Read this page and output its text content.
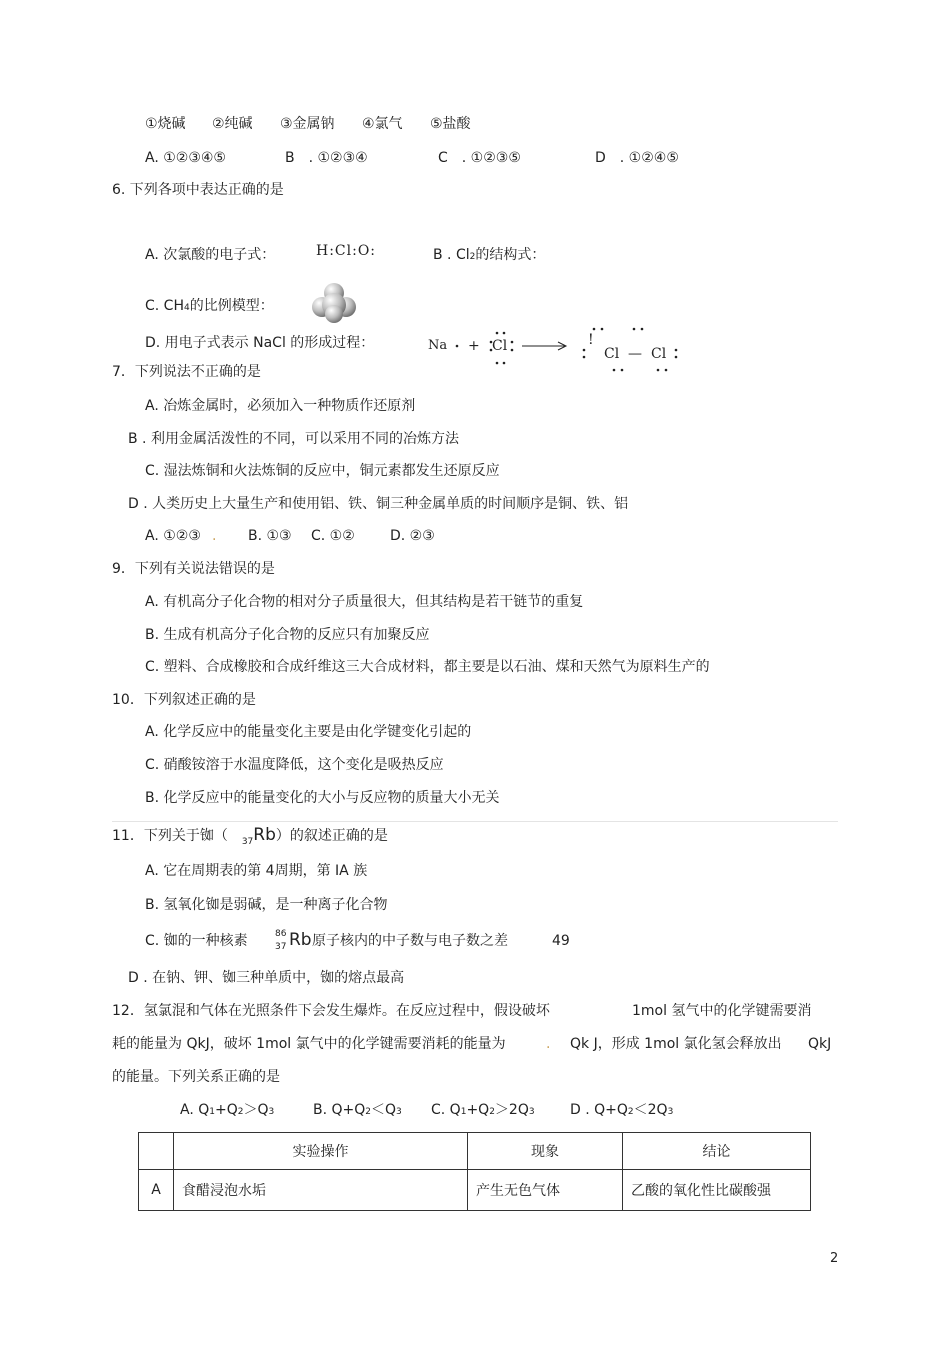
①烧碱 ②纯碱 ③金属钠 ④氯气 ⑤盐酸
A. ①②③④⑤	B　. ①②③④	C　. ①②③⑤	D　. ①②④⑤
6. 下列各项中表达正确的是
A. 次氯酸的电子式：	H:Cl:O:	B . Cl2的结构式：
C. CH4的比例模型：
D. 用电子式表示 NaCl 的形成过程：	Na + Cl	!
Cl — Cl
7．下列说法不正确的是
A. 冶炼金属时，必须加入一种物质作还原剂
B . 利用金属活泼性的不同，可以采用不同的冶炼方法
C. 湿法炼铜和火法炼铜的反应中，铜元素都发生还原反应
D . 人类历史上大量生产和使用铝、铁、铜三种金属单质的时间顺序是铜、铁、铝
A. ①②③ . B. ①③ C. ①②	D. ②③
9．下列有关说法错误的是
A. 有机高分子化合物的相对分子质量很大，但其结构是若干链节的重复
B. 生成有机高分子化合物的反应只有加聚反应
C. 塑料、合成橡胶和合成纤维这三大合成材料，都主要是以石油、煤和天然气为原料生产的
10．下列叙述正确的是
A. 化学反应中的能量变化主要是由化学键变化引起的
C. 硝酸铵溶于水温度降低，这个变化是吸热反应
B. 化学反应中的能量变化的大小与反应物的质量大小无关
11．下列关于铷（ $_{37}$Rb）的叙述正确的是
A. 它在周期表的第 4周期，第 IA 族
B. 氢氧化铷是弱碱，是一种离子化合物
C. 铷的一种核素	86
37 Rb 原子核内的中子数与电子数之差	49
D . 在钠、钾、铷三种单质中，铷的熔点最高
12．氢氯混和气体在光照条件下会发生爆炸。在反应过程中，假设破坏	1mol 氢气中的化学键需要消
耗的能量为 QkJ，破坏 1mol 氯气中的化学键需要消耗的能量为	. Qk J，形成 1mol 氯化氢会释放出 QkJ
的能量。下列关系正确的是
A. Q1+Q2＞Q3	B. Q+Q2＜Q3 C. Q1+Q2＞2Q3	D . Q+Q2＜2Q3
	实验操作	现象	结论
A	食醋浸泡水垢	产生无色气体	乙酸的氧化性比碳酸强
2
